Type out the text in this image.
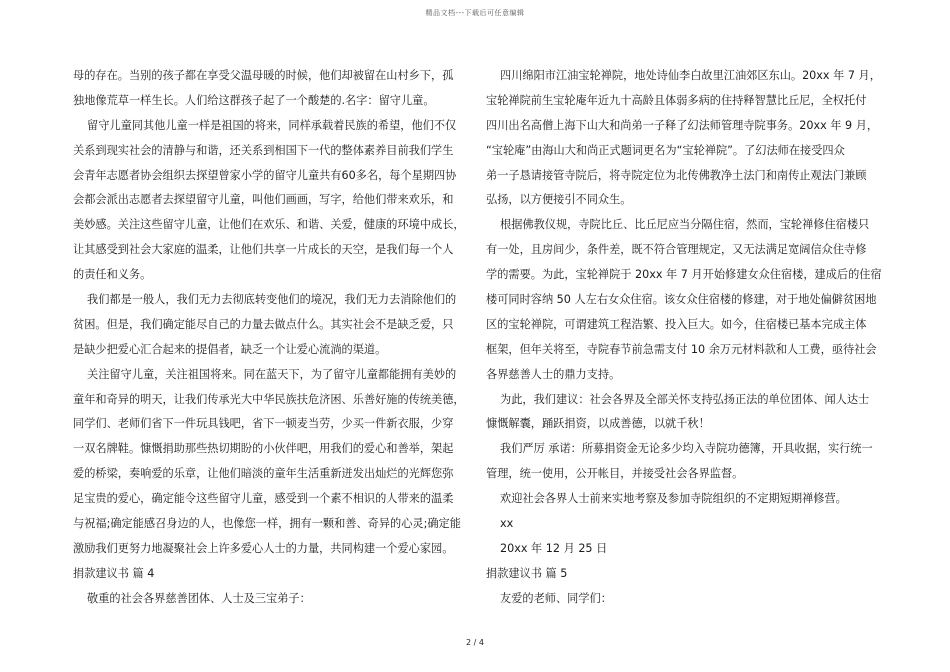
精品文档---下载后可任意编辑
母的存在。当别的孩子都在享受父温母暖的时候，他们却被留在山村乡下，孤
独地像荒草一样生长。人们给这群孩子起了一个酸楚的.名字：留守儿童。
留守儿童同其他儿童一样是祖国的将来，同样承载着民族的希望，他们不仅
关系到现实社会的清静与和谐，还关系到相国下一代的整体素养目前我们学生
会青年志愿者协会组织去探望曾家小学的留守儿童共有60多名，每个星期四协
会都会派出志愿者去探望留守儿童，叫他们画画，写字，给他们带来欢乐，和
美妙感。关注这些留守儿童，让他们在欢乐、和谐、关爱，健康的环境中成长，
让其感受到社会大家庭的温柔，让他们共享一片成长的天空，是我们每一个人
的责任和义务。
我们都是一般人，我们无力去彻底转变他们的境况，我们无力去消除他们的
贫困。但是，我们确定能尽自己的力量去做点什么。其实社会不是缺乏爱，只
是缺少把爱心汇合起来的提倡者，缺乏一个让爱心流淌的渠道。
关注留守儿童，关注祖国将来。同在蓝天下，为了留守儿童都能拥有美妙的
童年和奇异的明天，让我们传承光大中华民族扶危济困、乐善好施的传统美德，
同学们、老师们省下一件玩具钱吧，省下一顿麦当劳，少买一件新衣服，少穿
一双名牌鞋。慷慨捐助那些热切期盼的小伙伴吧，用我们的爱心和善举，架起
爱的桥梁，奏响爱的乐章，让他们暗淡的童年生活重新迸发出灿烂的光辉您弥
足宝贵的爱心，确定能令这些留守儿童，感受到一个素不相识的人带来的温柔
与祝福;确定能感召身边的人，也像您一样，拥有一颗和善、奇异的心灵;确定能
激励我们更努力地凝聚社会上许多爱心人士的力量，共同构建一个爱心家园。
捐款建议书 篇 4
敬重的社会各界慈善团体、人士及三宝弟子：
四川绵阳市江油宝轮禅院，地处诗仙李白故里江油郊区东山。20xx 年 7 月，
宝轮禅院前生宝轮庵年近九十高龄且体弱多病的住持释智慧比丘尼，全权托付
四川出名高僧上海下山大和尚弟一子释了幻法师管理寺院事务。20xx 年 9 月，
“宝轮庵”由海山大和尚正式题词更名为“宝轮禅院”。了幻法师在接受四众
弟一子恳请接管寺院后，将寺院定位为北传佛教净土法门和南传止观法门兼顾
弘扬，以方便接引不同众生。
根据佛教仪规，寺院比丘、比丘尼应当分隔住宿，然而，宝轮禅修住宿楼只
有一处，且房间少，条件差，既不符合管理规定，又无法满足宽阔信众住寺修
学的需要。为此，宝轮禅院于 20xx 年 7 月开始修建女众住宿楼，建成后的住宿
楼可同时容纳 50 人左右女众住宿。该女众住宿楼的修建，对于地处偏僻贫困地
区的宝轮禅院，可谓建筑工程浩繁、投入巨大。如今，住宿楼已基本完成主体
框架，但年关将至，寺院春节前急需支付 10 余万元材料款和人工费，亟待社会
各界慈善人士的鼎力支持。
为此，我们建议：社会各界及全部关怀支持弘扬正法的单位团体、闻人达士
慷慨解囊，踊跃捐资，以成善德，以就千秋！
我们严厉 承诺：所募捐资金无论多少均入寺院功德簿，开具收据，实行统一
管理，统一使用，公开帐目，并接受社会各界监督。
欢迎社会各界人士前来实地考察及参加寺院组织的不定期短期禅修营。
xx
20xx 年 12 月 25 日
捐款建议书 篇 5
友爱的老师、同学们：
2 / 4
